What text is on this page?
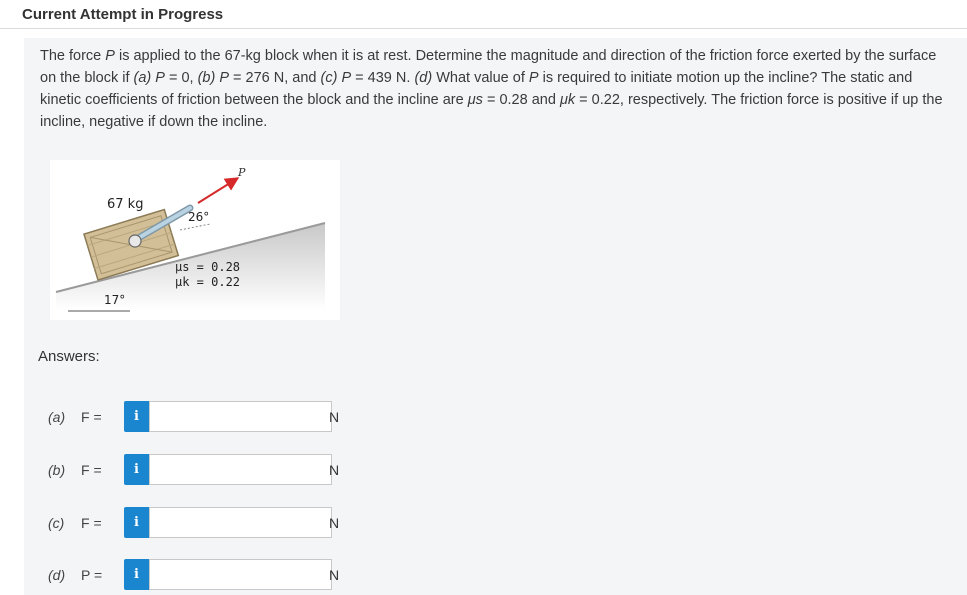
Current Attempt in Progress
The force P is applied to the 67-kg block when it is at rest. Determine the magnitude and direction of the friction force exerted by the surface on the block if (a) P = 0, (b) P = 276 N, and (c) P = 439 N. (d) What value of P is required to initiate motion up the incline? The static and kinetic coefficients of friction between the block and the incline are μs = 0.28 and μk = 0.22, respectively. The friction force is positive if up the incline, negative if down the incline.
P
67 kg
26°
μs = 0.28
μk = 0.22
17°
Answers:
(a) F =	i	N
(b) F =	i	N
(c) F =	i	N
(d) P =	i	N
